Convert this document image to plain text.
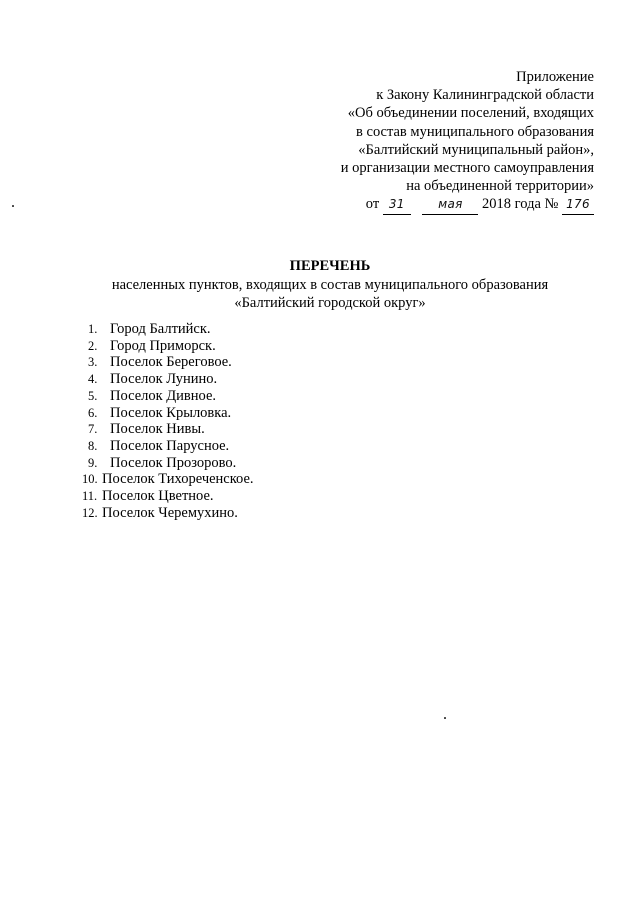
Приложение
к Закону Калининградской области
«Об объединении поселений, входящих
в состав муниципального образования
«Балтийский муниципальный район»,
и организации местного самоуправления
на объединенной территории»
от 31	мая 2018 года № 176
ПЕРЕЧЕНЬ
населенных пунктов, входящих в состав муниципального образования
«Балтийский городской округ»
1. Город Балтийск.
2. Город Приморск.
3. Поселок Береговое.
4. Поселок Лунино.
5. Поселок Дивное.
6. Поселок Крыловка.
7. Поселок Нивы.
8. Поселок Парусное.
9. Поселок Прозорово.
10. Поселок Тихореченское.
11. Поселок Цветное.
12. Поселок Черемухино.
